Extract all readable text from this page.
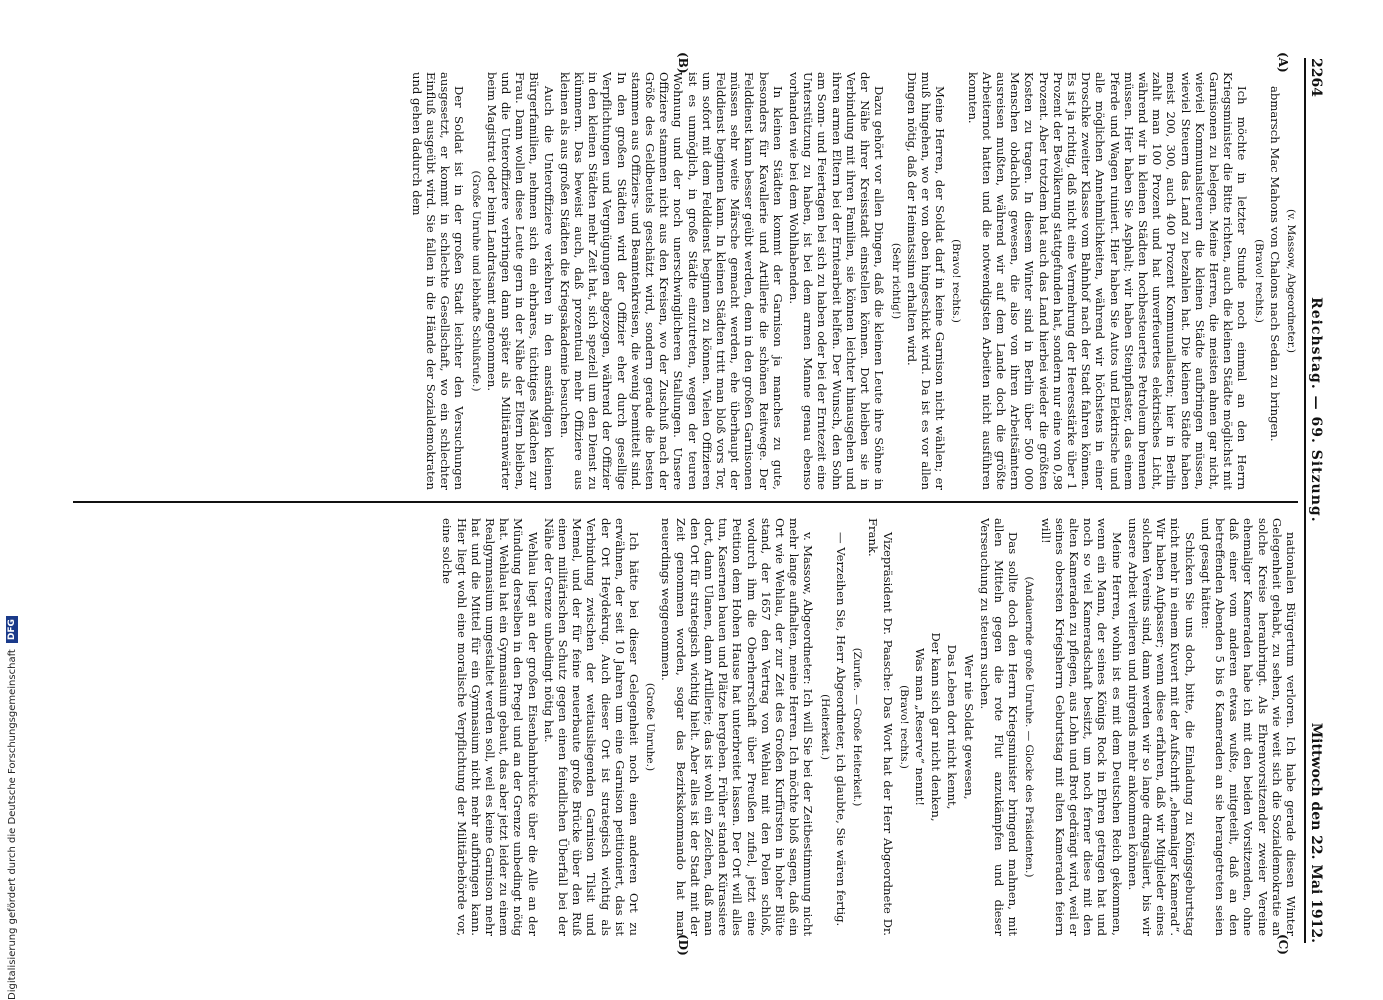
2264
Reichstag. — 69. Sitzung.
Mittwoch den 22. Mai 1912.
(A)
(B)
(C)
(D)

(v. Massow, Abgeordneter.)

abmarsch Mac Mahons von Chalons nach Sedan zu bringen.

(Bravo! rechts.)

Ich möchte in letzter Stunde noch einmal an den Herrn Kriegsminister die Bitte richten, auch die kleinen Städte möglichst mit Garnisonen zu belegen. Meine Herren, die meisten ahnen gar nicht, wieviel Kommunalsteuern die kleinen Städte aufbringen müssen, wieviel Steuern das Land zu bezahlen hat. Die kleinen Städte haben meist 200, 300, auch 400 Prozent Kommunallasten; hier in Berlin zahlt man 100 Prozent und hat unverfeuertes elektrisches Licht, während wir in kleinen Städten hochbesteuertes Petroleum brennen müssen. Hier haben Sie Asphalt; wir haben Steinpflaster, das einem Pferde und Wagen ruiniert. Hier haben Sie Autos und Elektrische und alle möglichen Annehmlichkeiten, während wir höchstens in einer Droschke zweiter Klasse vom Bahnhof nach der Stadt fahren können. Es ist ja richtig, daß nicht eine Vermehrung der Heeresstärke über 1 Prozent der Bevölkerung stattgefunden hat, sondern nur eine von 0,98 Prozent. Aber trotzdem hat auch das Land hierbei wieder die größten Kosten zu tragen. In diesem Winter sind in Berlin über 500 000 Menschen obdachlos gewesen, die also von ihren Arbeitsämtern ausreisen mußten, während wir auf dem Lande doch die größte Arbeiternot hatten und die notwendigsten Arbeiten nicht ausführen konnten.

(Bravo! rechts.)

Meine Herren, der Soldat darf in keine Garnison nicht wählen; er muß hingehen, wo er von oben hingeschickt wird. Da ist es vor allen Dingen nötig, daß der Heimatssinn erhalten wird.

(Sehr richtig!)

Dazu gehört vor allen Dingen, daß die kleinen Leute ihre Söhne in der Nähe ihrer Kreisstadt einstellen können. Dort bleiben sie in Verbindung mit ihren Familien, sie können leichter hinausgehen und ihren armen Eltern bei der Erntearbeit helfen. Der Wunsch, den Sohn am Sonn- und Feiertagen bei sich zu haben oder bei der Erntezeit eine Unterstützung zu haben, ist bei dem armen Manne genau ebenso vorhanden wie bei dem Wohlhabenden.

In kleinen Städten kommt der Garnison ja manches zu gute, besonders für Kavallerie und Artillerie die schönen Reitwege. Der Felddienst kann besser geübt werden, denn in den großen Garnisonen müssen sehr weite Märsche gemacht werden, ehe überhaupt der Felddienst beginnen kann. In kleinen Städten tritt man bloß vors Tor, um sofort mit dem Felddienst beginnen zu können. Vielen Offizieren ist es unmöglich, in große Städte einzutreten, wegen der teuren Wohnung und der noch unerschwinglicheren Stallungen. Unsere Offiziere stammen nicht aus den Kreisen, wo der Zuschuß nach der Größe des Geldbeutels geschätzt wird, sondern gerade die besten stammen aus Offiziers- und Beamtenkreisen, die wenig bemittelt sind. In den großen Städten wird der Offizier eher durch gesellige Verpflichtungen und Vergnügungen abgezogen, während der Offizier in den kleinen Städten mehr Zeit hat, sich speziell um den Dienst zu kümmern. Das beweist auch, daß prozentual mehr Offiziere aus kleinen als aus großen Städten die Kriegsakademie besuchen.

Auch die Unteroffiziere verkehren in den anständigen kleinen Bürgerfamilien, nehmen sich ein ehrbares, tüchtiges Mädchen zur Frau. Dann wollen diese Leute gern in der Nähe der Eltern bleiben, und die Unteroffiziere verbringen dann später als Militäranwärter beim Magistrat oder beim Landratsamt angenommen.

(Große Unruhe und lebhafte Schlußrufe.)

Der Soldat ist in der großen Stadt leichter den Versuchungen ausgesetzt, er kommt in schlechte Gesellschaft, wo ein schlechter Einfluß ausgeübt wird. Sie fallen in die Hände der Sozialdemokraten und gehen dadurch dem

nationalen Bürgertum verloren. Ich habe gerade diesen Winter Gelegenheit gehabt, zu sehen, wie weit sich die Sozialdemokratie an solche Kreise heranbringt. Als Ehrenvorsitzender zweier Vereine ehemaliger Kameraden habe ich mit den beiden Vorsitzenden, ohne daß einer vom anderen etwas wußte, mitgeteilt, daß an den betreffenden Abenden 5 bis 6 Kameraden an sie herangetreten seien und gesagt hätten:

Schicken Sie uns doch, bitte, die Einladung zu Königsgeburtstag nicht mehr in einem Kuvert mit der Aufschrift „ehemaliger Kamerad“. Wir haben Aufpasser; wenn diese erfahren, daß wir Mitglieder eines solchen Vereins sind, dann werden wir so lange drangsaliert, bis wir unsere Arbeit verlieren und nirgends mehr ankommen können.

Meine Herren, wohin ist es mit dem Deutschen Reich gekommen, wenn ein Mann, der seines Königs Rock in Ehren getragen hat und noch so viel Kameradschaft besitzt, um noch ferner diese mit den alten Kameraden zu pflegen, aus Lohn und Brot gedrängt wird, weil er seines obersten Kriegsherrn Geburtstag mit alten Kameraden feiern will!

(Andauernde große Unruhe. — Glocke des Präsidenten.)

Das sollte doch den Herrn Kriegsminister bringend mahnen, mit allen Mitteln gegen die rote Flut anzukämpfen und dieser Verseuchung zu steuern suchen.

Wer nie Soldat gewesen,

Das Leben dort nicht kennt,

Der kann sich gar nicht denken,

Was man „Reserve“ nennt!

(Bravo! rechts.)

Vizepräsident Dr. Paasche: Das Wort hat der Herr Abgeordnete Dr. Frank.

(Zurufe. — Große Heiterkeit.)

— Verzeihen Sie, Herr Abgeordneter, ich glaubte, Sie wären fertig.

(Heiterkeit.)

v. Massow, Abgeordneter: Ich will Sie bei der Zeitbestimmung nicht mehr lange aufhalten, meine Herren. Ich möchte bloß sagen, daß ein Ort wie Wehlau, der zur Zeit des Großen Kurfürsten in hoher Blüte stand, der 1657 den Vertrag von Wehlau mit den Polen schloß, wodurch ihm die Oberherrschaft über Preußen zufiel, jetzt eine Petition dem Hohen Hause hat unterbreitet lassen. Der Ort will alles tun, Kasernen bauen und Plätze hergeben. Früher standen Kürassiere dort, dann Ulanen, dann Artillerie; das ist wohl ein Zeichen, daß man den Ort für strategisch wichtig hielt. Aber alles ist der Stadt mit der Zeit genommen worden, sogar das Bezirkskommando hat man neuerdings weggenommen.

(Große Unruhe.)

Ich hätte bei dieser Gelegenheit noch einen anderen Ort zu erwähnen, der seit 10 Jahren um eine Garnison petitioniert, das ist der Ort Heydekrug. Auch dieser Ort ist strategisch wichtig als Verbindung zwischen der weitausliegenden Garnison Tilsit und Memel, und der für feine neuerbaute große Brücke über den Ruß einen militärischen Schutz gegen einen feindlichen Überfall bei der Nähe der Grenze unbedingt nötig hat.

Wehlau liegt an der großen Eisenbahnbrücke über die Alle an der Mündung derselben in den Pregel und an der Grenze unbedingt nötig hat. Wehlau hat ein Gymnasium gebaut, das aber jetzt leider zu einem Realgymnasium umgestaltet werden soll, weil es keine Garnison mehr hat und die Mittel für ein Gymnasium nicht mehr aufbringen kann. Hier liegt wohl eine moralische Verpflichtung der Militärbehörde vor, eine solche

Digitalisierung gefördert durch die Deutsche Forschungsgemeinschaft
DFG
